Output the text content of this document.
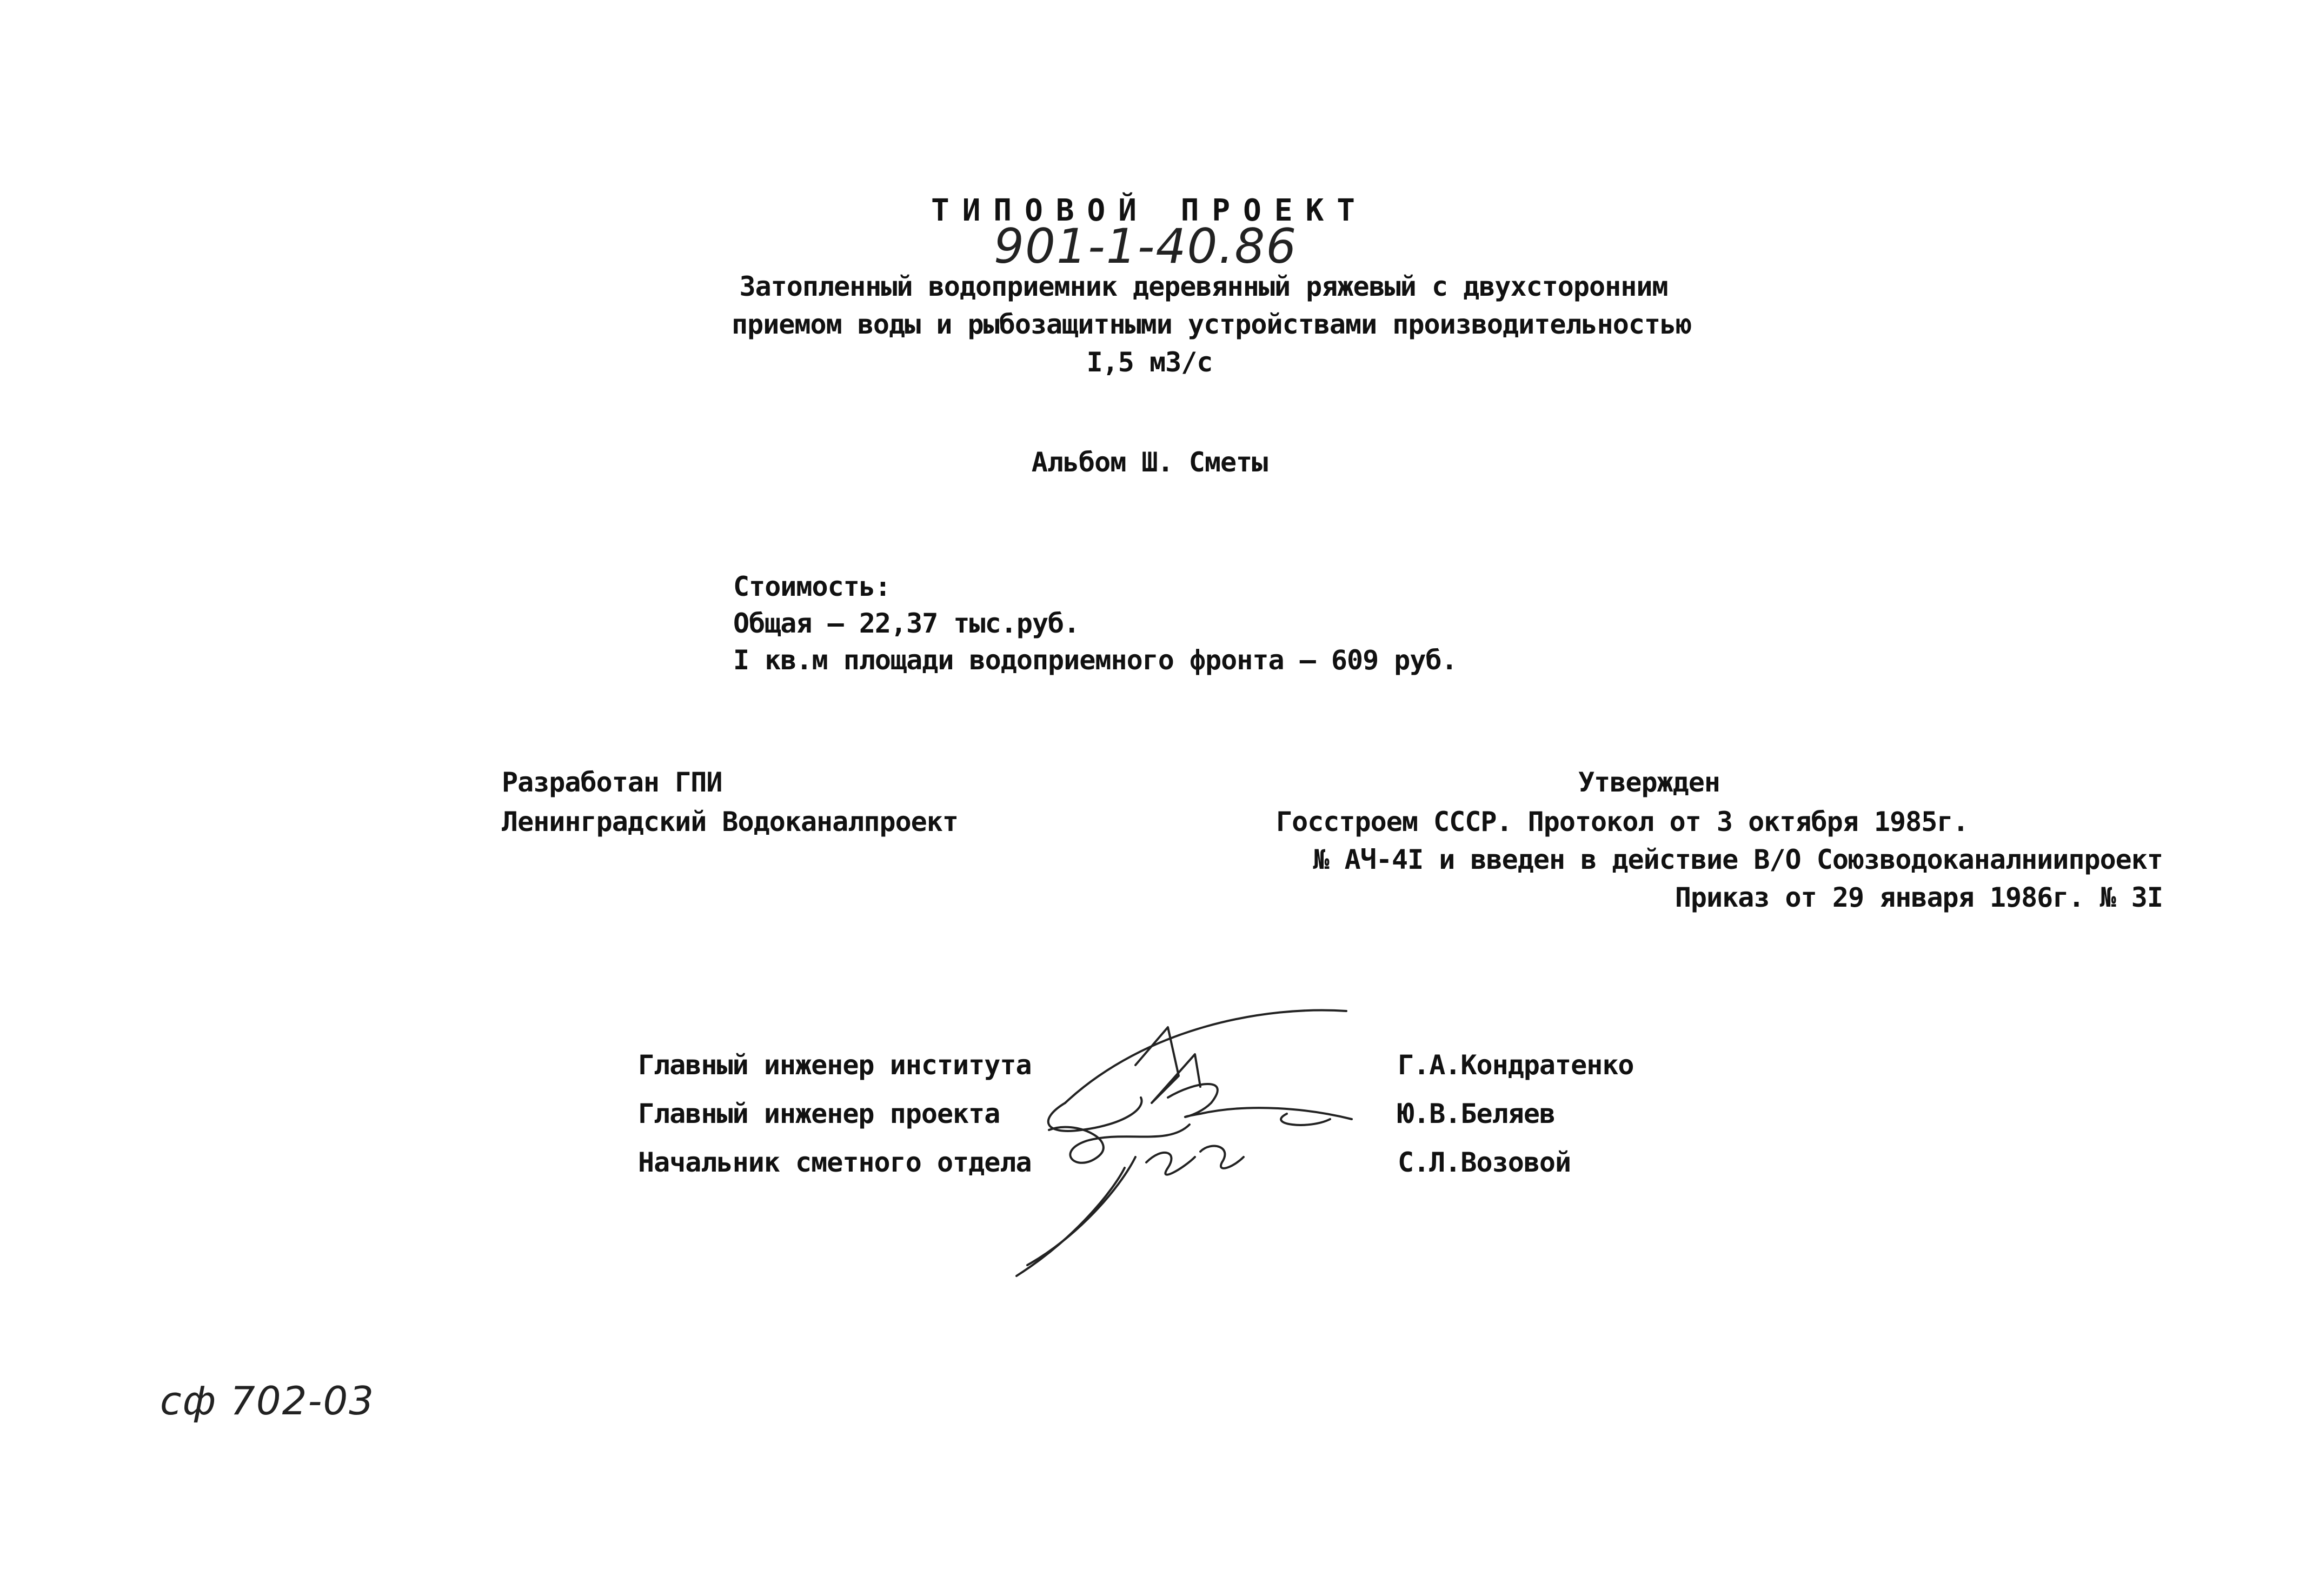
ТИПОВОЙ ПРОЕКТ
901-1-40.86
Затопленный водоприемник деревянный ряжевый с двухсторонним
приемом воды и рыбозащитными устройствами производительностью
I,5 м3/с
Альбом Ш. Сметы
Стоимость:
Общая – 22,37 тыс.руб.
I кв.м площади водоприемного фронта – 609 руб.
Разработан ГПИ
Ленинградский Водоканалпроект
Утвержден
Госстроем СССР. Протокол от 3 октября 1985г.
№ АЧ-4I и введен в действие В/О Союзводоканалниипроект
Приказ от 29 января 1986г. № 3I
Главный инженер института	Г.А.Кондратенко
Главный инженер проекта	Ю.В.Беляев
Начальник сметного отдела	С.Л.Возовой
сф 702-03
